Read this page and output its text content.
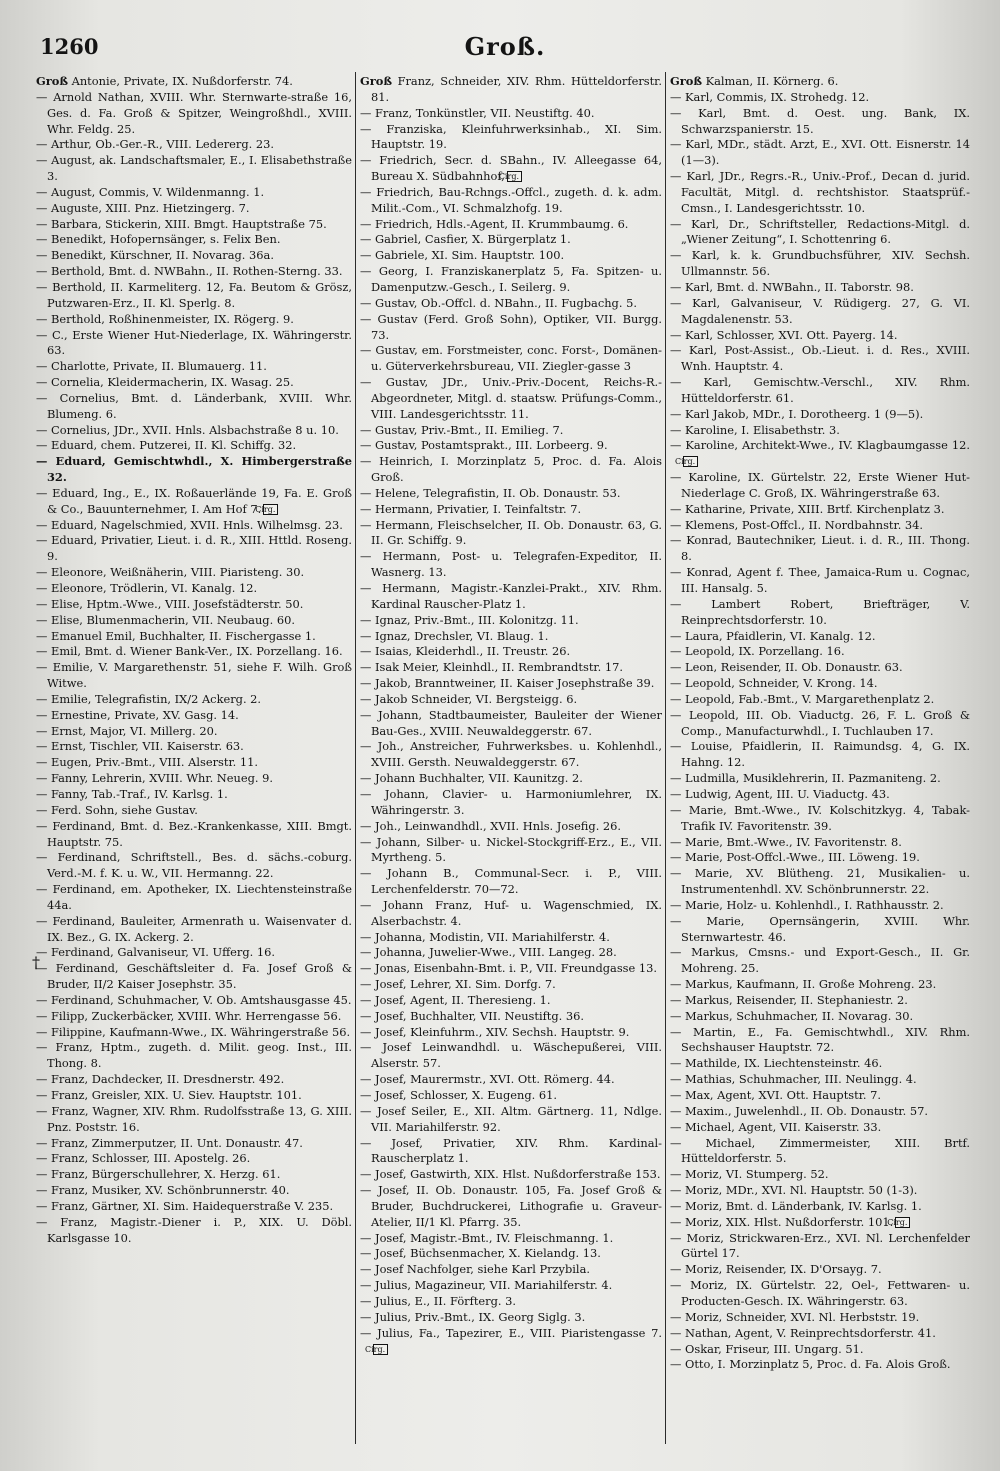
1260	Groß.
†

Groß Antonie, Private, IX. Nußdorferstr. 74.

— Arnold Nathan, XVIII. Whr. Sternwarte-straße 16, Ges. d. Fa. Groß & Spitzer, Weingroßhdl., XVIII. Whr. Feldg. 25.

— Arthur, Ob.-Ger.-R., VIII. Ledererg. 23.

— August, ak. Landschaftsmaler, E., I. Elisabethstraße 3.

— August, Commis, V. Wildenmanng. 1.

— Auguste, XIII. Pnz. Hietzingerg. 7.

— Barbara, Stickerin, XIII. Bmgt. Hauptstraße 75.

— Benedikt, Hofopernsänger, s. Felix Ben.

— Benedikt, Kürschner, II. Novarag. 36a.

— Berthold, Bmt. d. NWBahn., II. Rothen-Sterng. 33.

— Berthold, II. Karmeliterg. 12, Fa. Beutom & Grösz, Putzwaren-Erz., II. Kl. Sperlg. 8.

— Berthold, Roßhinenmeister, IX. Rögerg. 9.

— C., Erste Wiener Hut-Niederlage, IX. Währingerstr. 63.

— Charlotte, Private, II. Blumauerg. 11.

— Cornelia, Kleidermacherin, IX. Wasag. 25.

— Cornelius, Bmt. d. Länderbank, XVIII. Whr. Blumeng. 6.

— Cornelius, JDr., XVII. Hnls. Alsbachstraße 8 u. 10.

— Eduard, chem. Putzerei, II. Kl. Schiffg. 32.

— Eduard, Gemischtwhdl., X. Himbergerstraße 32.

— Eduard, Ing., E., IX. Roßauerlände 19, Fa. E. Groß & Co., Bauunternehmer, I. Am Hof 7.Cirg.

— Eduard, Nagelschmied, XVII. Hnls. Wilhelmsg. 23.

— Eduard, Privatier, Lieut. i. d. R., XIII. Httld. Roseng. 9.

— Eleonore, Weißnäherin, VIII. Piaristeng. 30.

— Eleonore, Trödlerin, VI. Kanalg. 12.

— Elise, Hptm.-Wwe., VIII. Josefstädterstr. 50.

— Elise, Blumenmacherin, VII. Neubaug. 60.

— Emanuel Emil, Buchhalter, II. Fischergasse 1.

— Emil, Bmt. d. Wiener Bank-Ver., IX. Porzellang. 16.

— Emilie, V. Margarethenstr. 51, siehe F. Wilh. Groß Witwe.

— Emilie, Telegrafistin, IX/2 Ackerg. 2.

— Ernestine, Private, XV. Gasg. 14.

— Ernst, Major, VI. Millerg. 20.

— Ernst, Tischler, VII. Kaiserstr. 63.

— Eugen, Priv.-Bmt., VIII. Alserstr. 11.

— Fanny, Lehrerin, XVIII. Whr. Neueg. 9.

— Fanny, Tab.-Traf., IV. Karlsg. 1.

— Ferd. Sohn, siehe Gustav.

— Ferdinand, Bmt. d. Bez.-Krankenkasse, XIII. Bmgt. Hauptstr. 75.

— Ferdinand, Schriftstell., Bes. d. sächs.-coburg. Verd.-M. f. K. u. W., VII. Hermanng. 22.

— Ferdinand, em. Apotheker, IX. Liechtensteinstraße 44a.

— Ferdinand, Bauleiter, Armenrath u. Waisenvater d. IX. Bez., G. IX. Ackerg. 2.

— Ferdinand, Galvaniseur, VI. Ufferg. 16.

— Ferdinand, Geschäftsleiter d. Fa. Josef Groß & Bruder, II/2 Kaiser Josephstr. 35.

— Ferdinand, Schuhmacher, V. Ob. Amtshausgasse 45.

— Filipp, Zuckerbäcker, XVIII. Whr. Herrengasse 56.

— Filippine, Kaufmann-Wwe., IX. Währingerstraße 56.

— Franz, Hptm., zugeth. d. Milit. geog. Inst., III. Thong. 8.

— Franz, Dachdecker, II. Dresdnerstr. 492.

— Franz, Greisler, XIX. U. Siev. Hauptstr. 101.

— Franz, Wagner, XIV. Rhm. Rudolfsstraße 13, G. XIII. Pnz. Poststr. 16.

— Franz, Zimmerputzer, II. Unt. Donaustr. 47.

— Franz, Schlosser, III. Apostelg. 26.

— Franz, Bürgerschullehrer, X. Herzg. 61.

— Franz, Musiker, XV. Schönbrunnerstr. 40.

— Franz, Gärtner, XI. Sim. Haidequerstraße V. 235.

— Franz, Magistr.-Diener i. P., XIX. U. Döbl. Karlsgasse 10.

Groß Franz, Schneider, XIV. Rhm. Hütteldorferstr. 81.

— Franz, Tonkünstler, VII. Neustiftg. 40.

— Franziska, Kleinfuhrwerksinhab., XI. Sim. Hauptstr. 19.

— Friedrich, Secr. d. SBahn., IV. Alleegasse 64, Bureau X. Südbahnhof,Cirg.

— Friedrich, Bau-Rchngs.-Offcl., zugeth. d. k. adm. Milit.-Com., VI. Schmalzhofg. 19.

— Friedrich, Hdls.-Agent, II. Krummbaumg. 6.

— Gabriel, Casfier, X. Bürgerplatz 1.

— Gabriele, XI. Sim. Hauptstr. 100.

— Georg, I. Franziskanerplatz 5, Fa. Spitzen- u. Damenputzw.-Gesch., I. Seilerg. 9.

— Gustav, Ob.-Offcl. d. NBahn., II. Fugbachg. 5.

— Gustav (Ferd. Groß Sohn), Optiker, VII. Burgg. 73.

— Gustav, em. Forstmeister, conc. Forst-, Domänen- u. Güterverkehrsbureau, VII. Ziegler-gasse 3

— Gustav, JDr., Univ.-Priv.-Docent, Reichs-R.-Abgeordneter, Mitgl. d. staatsw. Prüfungs-Comm., VIII. Landesgerichtsstr. 11.

— Gustav, Priv.-Bmt., II. Emilieg. 7.

— Gustav, Postamtsprakt., III. Lorbeerg. 9.

— Heinrich, I. Morzinplatz 5, Proc. d. Fa. Alois Groß.

— Helene, Telegrafistin, II. Ob. Donaustr. 53.

— Hermann, Privatier, I. Teinfaltstr. 7.

— Hermann, Fleischselcher, II. Ob. Donaustr. 63, G. II. Gr. Schiffg. 9.

— Hermann, Post- u. Telegrafen-Expeditor, II. Wasnerg. 13.

— Hermann, Magistr.-Kanzlei-Prakt., XIV. Rhm. Kardinal Rauscher-Platz 1.

— Ignaz, Priv.-Bmt., III. Kolonitzg. 11.

— Ignaz, Drechsler, VI. Blaug. 1.

— Isaias, Kleiderhdl., II. Treustr. 26.

— Isak Meier, Kleinhdl., II. Rembrandtstr. 17.

— Jakob, Branntweiner, II. Kaiser Josephstraße 39.

— Jakob Schneider, VI. Bergsteigg. 6.

— Johann, Stadtbaumeister, Bauleiter der Wiener Bau-Ges., XVIII. Neuwaldeggerstr. 67.

— Joh., Anstreicher, Fuhrwerksbes. u. Kohlenhdl., XVIII. Gersth. Neuwaldeggerstr. 67.

— Johann Buchhalter, VII. Kaunitzg. 2.

— Johann, Clavier- u. Harmoniumlehrer, IX. Währingerstr. 3.

— Joh., Leinwandhdl., XVII. Hnls. Josefig. 26.

— Johann, Silber- u. Nickel-Stockgriff-Erz., E., VII. Myrtheng. 5.

— Johann B., Communal-Secr. i. P., VIII. Lerchenfelderstr. 70—72.

— Johann Franz, Huf- u. Wagenschmied, IX. Alserbachstr. 4.

— Johanna, Modistin, VII. Mariahilferstr. 4.

— Johanna, Juwelier-Wwe., VIII. Langeg. 28.

— Jonas, Eisenbahn-Bmt. i. P., VII. Freundgasse 13.

— Josef, Lehrer, XI. Sim. Dorfg. 7.

— Josef, Agent, II. Theresieng. 1.

— Josef, Buchhalter, VII. Neustiftg. 36.

— Josef, Kleinfuhrm., XIV. Sechsh. Hauptstr. 9.

— Josef Leinwandhdl. u. Wäschepußerei, VIII. Alserstr. 57.

— Josef, Maurermstr., XVI. Ott. Römerg. 44.

— Josef, Schlosser, X. Eugeng. 61.

— Josef Seiler, E., XII. Altm. Gärtnerg. 11, Ndlge. VII. Mariahilferstr. 92.

— Josef, Privatier, XIV. Rhm. Kardinal-Rauscherplatz 1.

— Josef, Gastwirth, XIX. Hlst. Nußdorferstraße 153.

— Josef, II. Ob. Donaustr. 105, Fa. Josef Groß & Bruder, Buchdruckerei, Lithografie u. Graveur-Atelier, II/1 Kl. Pfarrg. 35.

— Josef, Magistr.-Bmt., IV. Fleischmanng. 1.

— Josef, Büchsenmacher, X. Kielandg. 13.

— Josef Nachfolger, siehe Karl Przybila.

— Julius, Magazineur, VII. Mariahilferstr. 4.

— Julius, E., II. Förfterg. 3.

— Julius, Priv.-Bmt., IX. Georg Siglg. 3.

— Julius, Fa., Tapezirer, E., VIII. Piaristengasse 7.Cirg.

Groß Kalman, II. Körnerg. 6.

— Karl, Commis, IX. Strohedg. 12.

— Karl, Bmt. d. Oest. ung. Bank, IX. Schwarzspanierstr. 15.

— Karl, MDr., städt. Arzt, E., XVI. Ott. Eisnerstr. 14 (1—3).

— Karl, JDr., Regrs.-R., Univ.-Prof., Decan d. jurid. Facultät, Mitgl. d. rechtshistor. Staatsprüf.-Cmsn., I. Landesgerichtsstr. 10.

— Karl, Dr., Schriftsteller, Redactions-Mitgl. d. „Wiener Zeitung“, I. Schottenring 6.

— Karl, k. k. Grundbuchsführer, XIV. Sechsh. Ullmannstr. 56.

— Karl, Bmt. d. NWBahn., II. Taborstr. 98.

— Karl, Galvaniseur, V. Rüdigerg. 27, G. VI. Magdalenenstr. 53.

— Karl, Schlosser, XVI. Ott. Payerg. 14.

— Karl, Post-Assist., Ob.-Lieut. i. d. Res., XVIII. Wnh. Hauptstr. 4.

— Karl, Gemischtw.-Verschl., XIV. Rhm. Hütteldorferstr. 61.

— Karl Jakob, MDr., I. Dorotheerg. 1 (9—5).

— Karoline, I. Elisabethstr. 3.

— Karoline, Architekt-Wwe., IV. Klagbaumgasse 12.Cirg.

— Karoline, IX. Gürtelstr. 22, Erste Wiener Hut-Niederlage C. Groß, IX. Währingerstraße 63.

— Katharine, Private, XIII. Brtf. Kirchenplatz 3.

— Klemens, Post-Offcl., II. Nordbahnstr. 34.

— Konrad, Bautechniker, Lieut. i. d. R., III. Thong. 8.

— Konrad, Agent f. Thee, Jamaica-Rum u. Cognac, III. Hansalg. 5.

— Lambert Robert, Briefträger, V. Reinprechtsdorferstr. 10.

— Laura, Pfaidlerin, VI. Kanalg. 12.

— Leopold, IX. Porzellang. 16.

— Leon, Reisender, II. Ob. Donaustr. 63.

— Leopold, Schneider, V. Krong. 14.

— Leopold, Fab.-Bmt., V. Margarethenplatz 2.

— Leopold, III. Ob. Viaductg. 26, F. L. Groß & Comp., Manufacturwhdl., I. Tuchlauben 17.

— Louise, Pfaidlerin, II. Raimundsg. 4, G. IX. Hahng. 12.

— Ludmilla, Musiklehrerin, II. Pazmaniteng. 2.

— Ludwig, Agent, III. U. Viaductg. 43.

— Marie, Bmt.-Wwe., IV. Kolschitzkyg. 4, Tabak-Trafik IV. Favoritenstr. 39.

— Marie, Bmt.-Wwe., IV. Favoritenstr. 8.

— Marie, Post-Offcl.-Wwe., III. Löweng. 19.

— Marie, XV. Blütheng. 21, Musikalien- u. Instrumentenhdl. XV. Schönbrunnerstr. 22.

— Marie, Holz- u. Kohlenhdl., I. Rathhausstr. 2.

— Marie, Opernsängerin, XVIII. Whr. Sternwartestr. 46.

— Markus, Cmsns.- und Export-Gesch., II. Gr. Mohreng. 25.

— Markus, Kaufmann, II. Große Mohreng. 23.

— Markus, Reisender, II. Stephaniestr. 2.

— Markus, Schuhmacher, II. Novarag. 30.

— Martin, E., Fa. Gemischtwhdl., XIV. Rhm. Sechshauser Hauptstr. 72.

— Mathilde, IX. Liechtensteinstr. 46.

— Mathias, Schuhmacher, III. Neulingg. 4.

— Max, Agent, XVI. Ott. Hauptstr. 7.

— Maxim., Juwelenhdl., II. Ob. Donaustr. 57.

— Michael, Agent, VII. Kaiserstr. 33.

— Michael, Zimmermeister, XIII. Brtf. Hütteldorferstr. 5.

— Moriz, VI. Stumperg. 52.

— Moriz, MDr., XVI. Nl. Hauptstr. 50 (1-3).

— Moriz, Bmt. d. Länderbank, IV. Karlsg. 1.

— Moriz, XIX. Hlst. Nußdorferstr. 101.Cirg.

— Moriz, Strickwaren-Erz., XVI. Nl. Lerchenfelder Gürtel 17.

— Moriz, Reisender, IX. D'Orsayg. 7.

— Moriz, IX. Gürtelstr. 22, Oel-, Fettwaren- u. Producten-Gesch. IX. Währingerstr. 63.

— Moriz, Schneider, XVI. Nl. Herbststr. 19.

— Nathan, Agent, V. Reinprechtsdorferstr. 41.

— Oskar, Friseur, III. Ungarg. 51.

— Otto, I. Morzinplatz 5, Proc. d. Fa. Alois Groß.
